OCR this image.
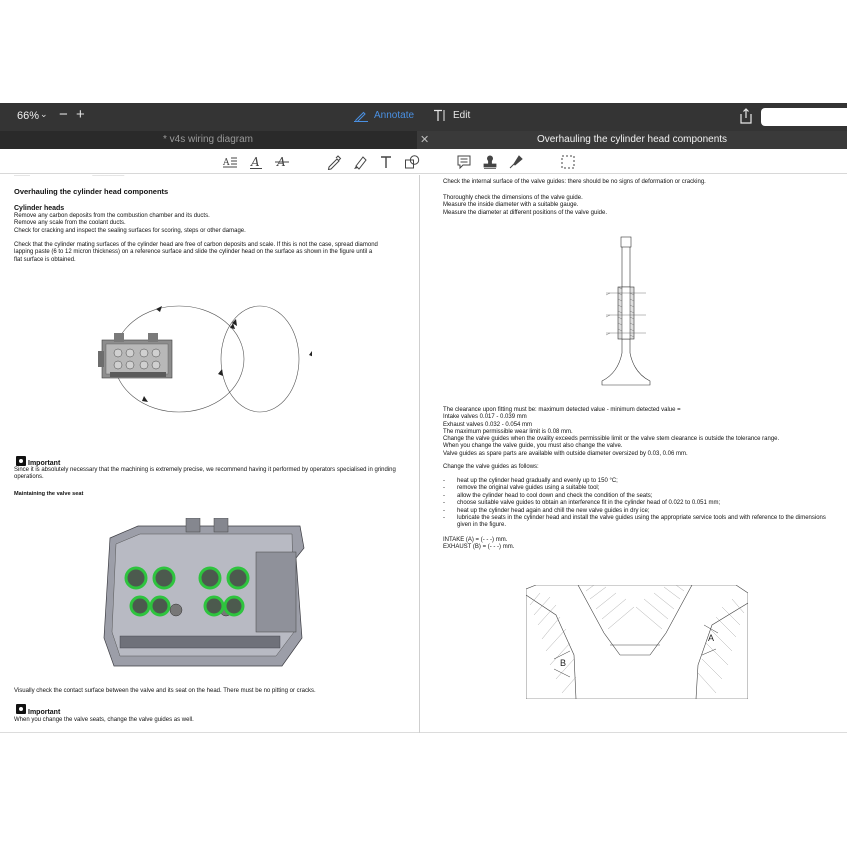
66% ⌄ − +	Annotate	Edit
* v4s wiring diagram	Overhauling the cylinder head components
✕
A A A
————                                                        ————————
Overhauling the cylinder head components
Cylinder heads
Remove any carbon deposits from the combustion chamber and its ducts.
Remove any scale from the coolant ducts.
Check for cracking and inspect the sealing surfaces for scoring, steps or other damage.
Check that the cylinder mating surfaces of the cylinder head are free of carbon deposits and scale. If this is not the case, spread diamond
lapping paste (6 to 12 micron thickness) on a reference surface and slide the cylinder head on the surface as shown in the figure until a
flat surface is obtained.
Important
Since it is absolutely necessary that the machining is extremely precise, we recommend having it performed by operators specialised in grinding
operations.
Maintaining the valve seat
Visually check the contact surface between the valve and its seat on the head. There must be no pitting or cracks.
Important
When you change the valve seats, change the valve guides as well.
Check the internal surface of the valve guides: there should be no signs of deformation or cracking.
Thoroughly check the dimensions of the valve guide.
Measure the inside diameter with a suitable gauge.
Measure the diameter at different positions of the valve guide.
The clearance upon fitting must be: maximum detected value - minimum detected value =
Intake valves 0.017 - 0.039 mm
Exhaust valves 0.032 - 0.054 mm
The maximum permissible wear limit is 0.08 mm.
Change the valve guides when the ovality exceeds permissible limit or the valve stem clearance is outside the tolerance range.
When you change the valve guide, you must also change the valve.
Valve guides as spare parts are available with outside diameter oversized by 0.03, 0.06 mm.
Change the valve guides as follows:
-	heat up the cylinder head gradually and evenly up to 150 °C;
-	remove the original valve guides using a suitable tool;
-	allow the cylinder head to cool down and check the condition of the seats;
-	choose suitable valve guides to obtain an interference fit in the cylinder head of 0.022 to 0.051 mm;
-	heat up the cylinder head again and chill the new valve guides in dry ice;
-	lubricate the seats in the cylinder head and install the valve guides using the appropriate service tools and with reference to the dimensions
given in the figure.
INTAKE (A) = (- - -) mm.
EXHAUST (B) = (- - -) mm.
B
A
